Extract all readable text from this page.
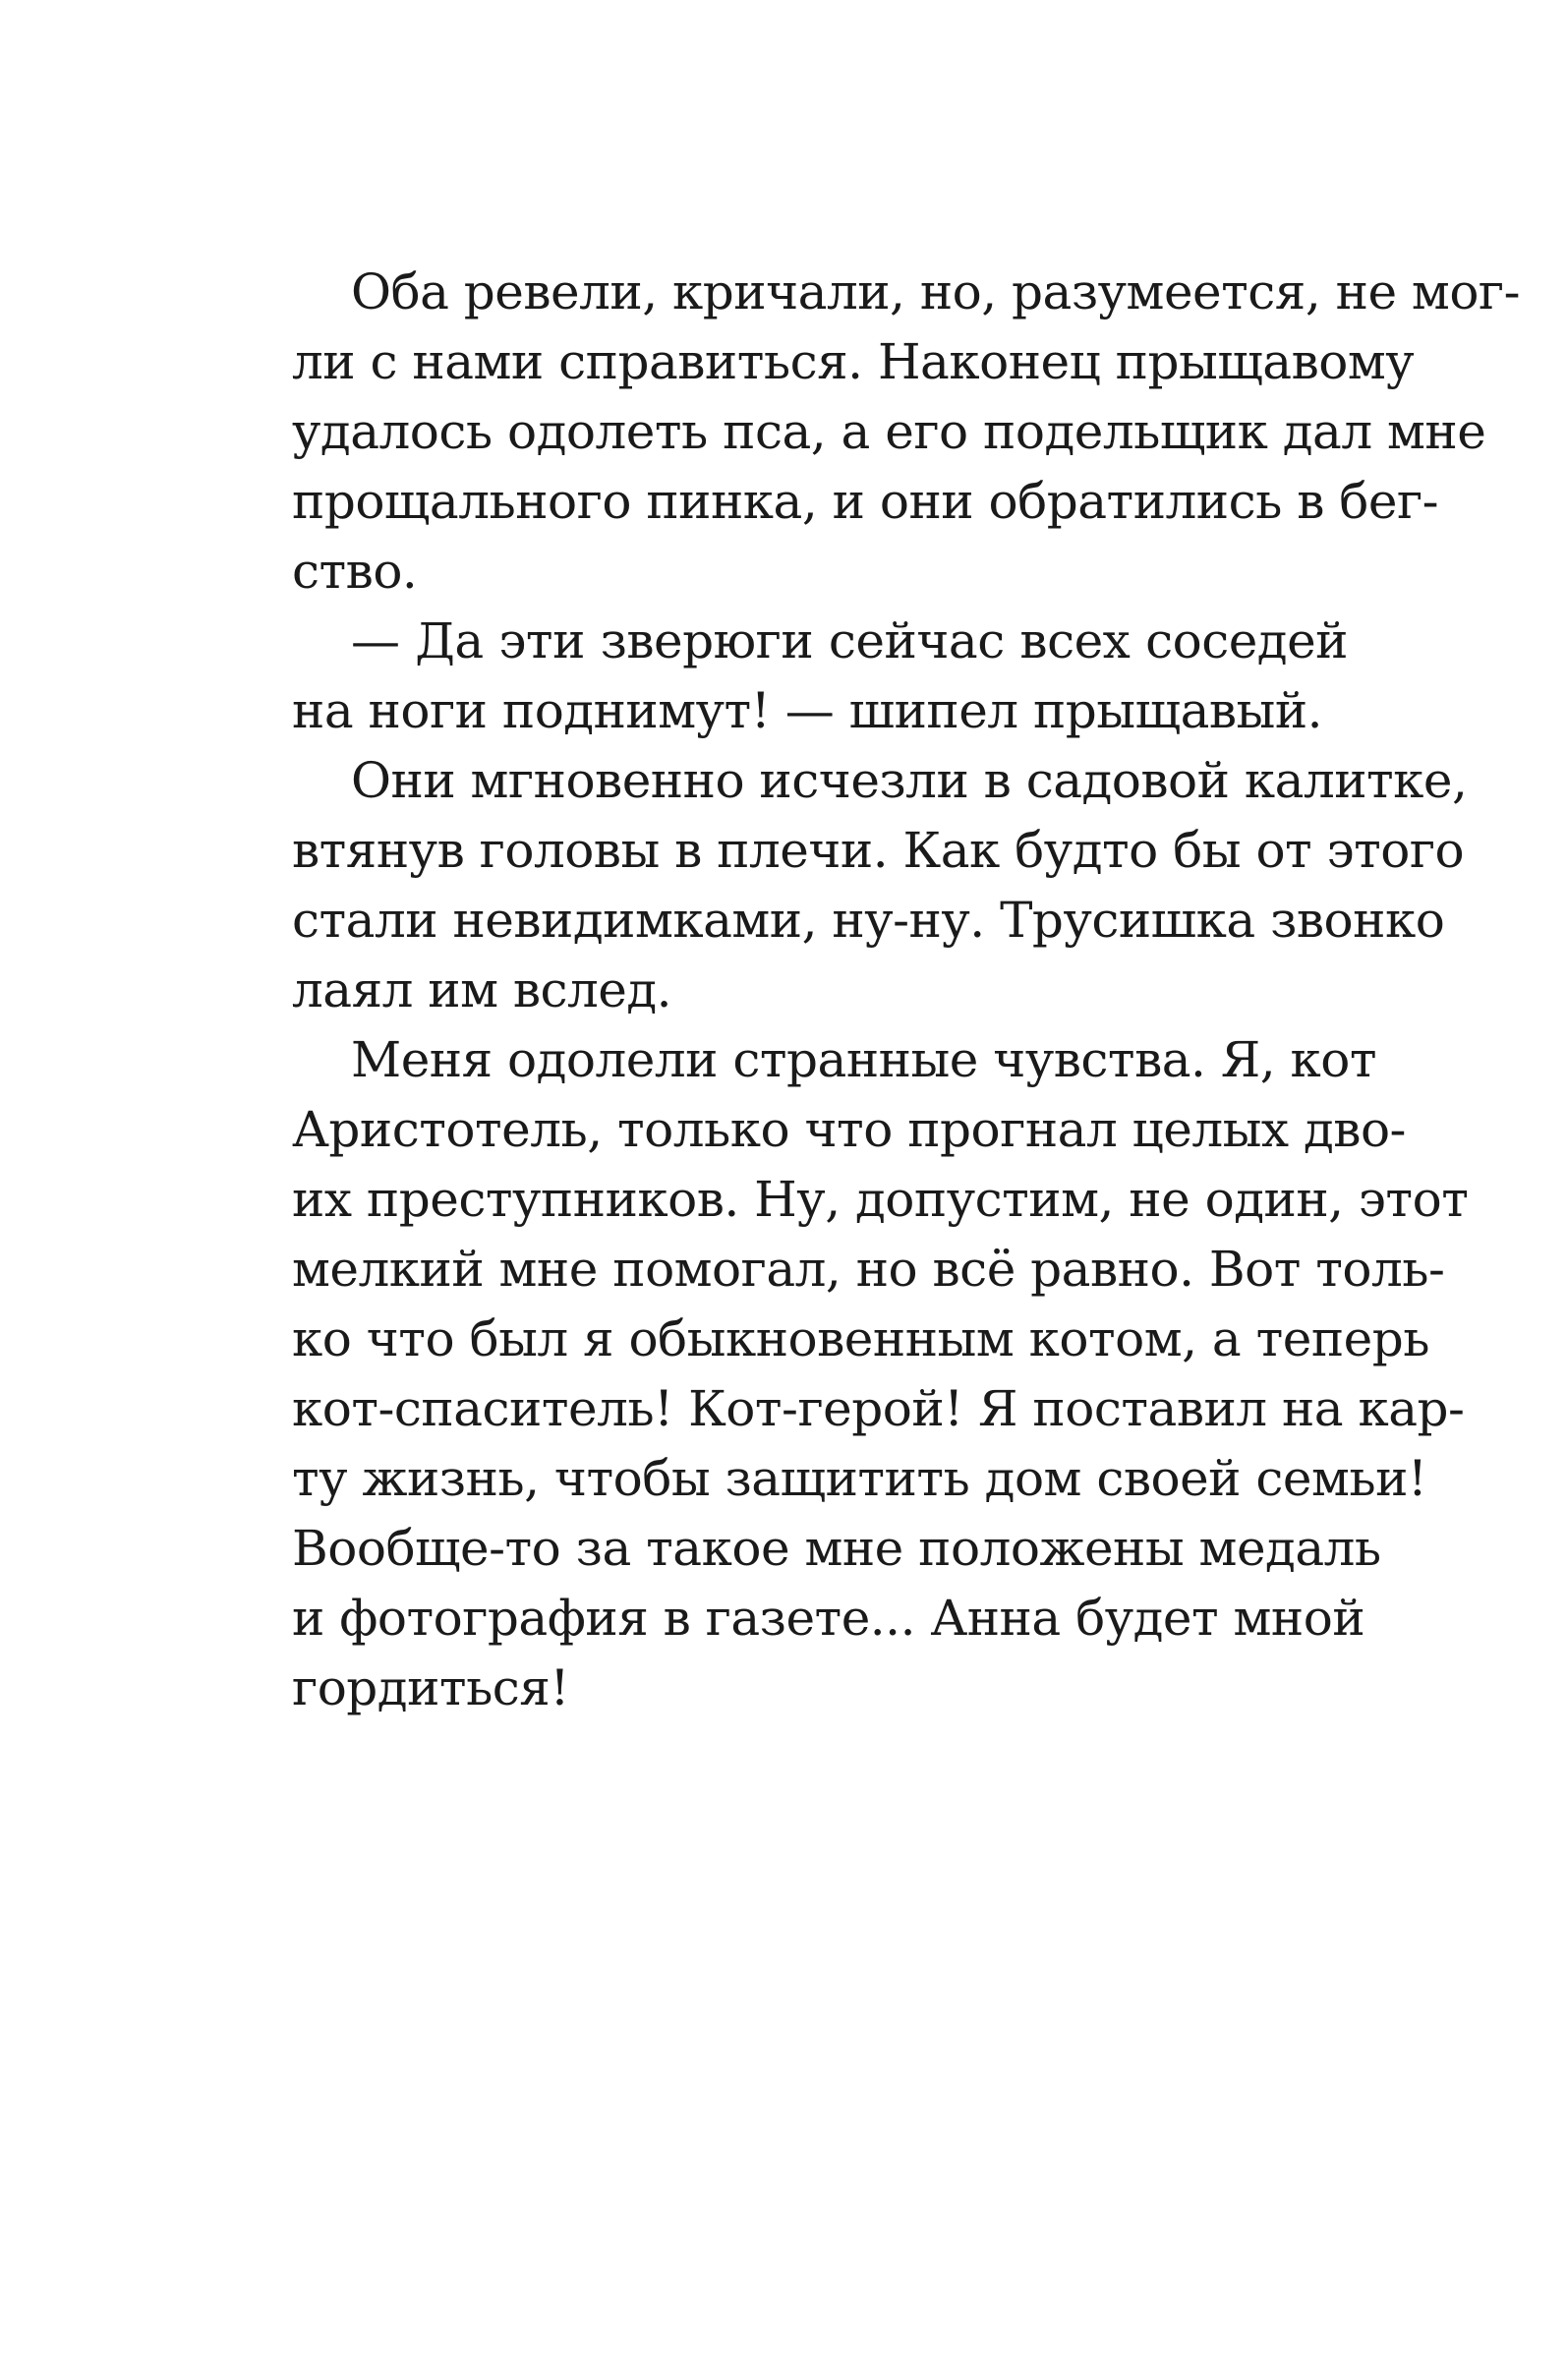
Оба ревели, кричали, но, разумеется, не мог-
ли с нами справиться. Наконец прыщавому
удалось одолеть пса, а его подельщик дал мне
прощального пинка, и они обратились в бег-
ство.
— Да эти зверюги сейчас всех соседей
на ноги поднимут! — шипел прыщавый.
Они мгновенно исчезли в садовой калитке,
втянув головы в плечи. Как будто бы от этого
стали невидимками, ну-ну. Трусишка звонко
лаял им вслед.
Меня одолели странные чувства. Я, кот
Аристотель, только что прогнал целых дво-
их преступников. Ну, допустим, не один, этот
мелкий мне помогал, но всё равно. Вот толь-
ко что был я обыкновенным котом, а теперь
кот-спаситель! Кот-герой! Я поставил на кар-
ту жизнь, чтобы защитить дом своей семьи!
Вообще-то за такое мне положены медаль
и фотография в газете... Анна будет мной
гордиться!
